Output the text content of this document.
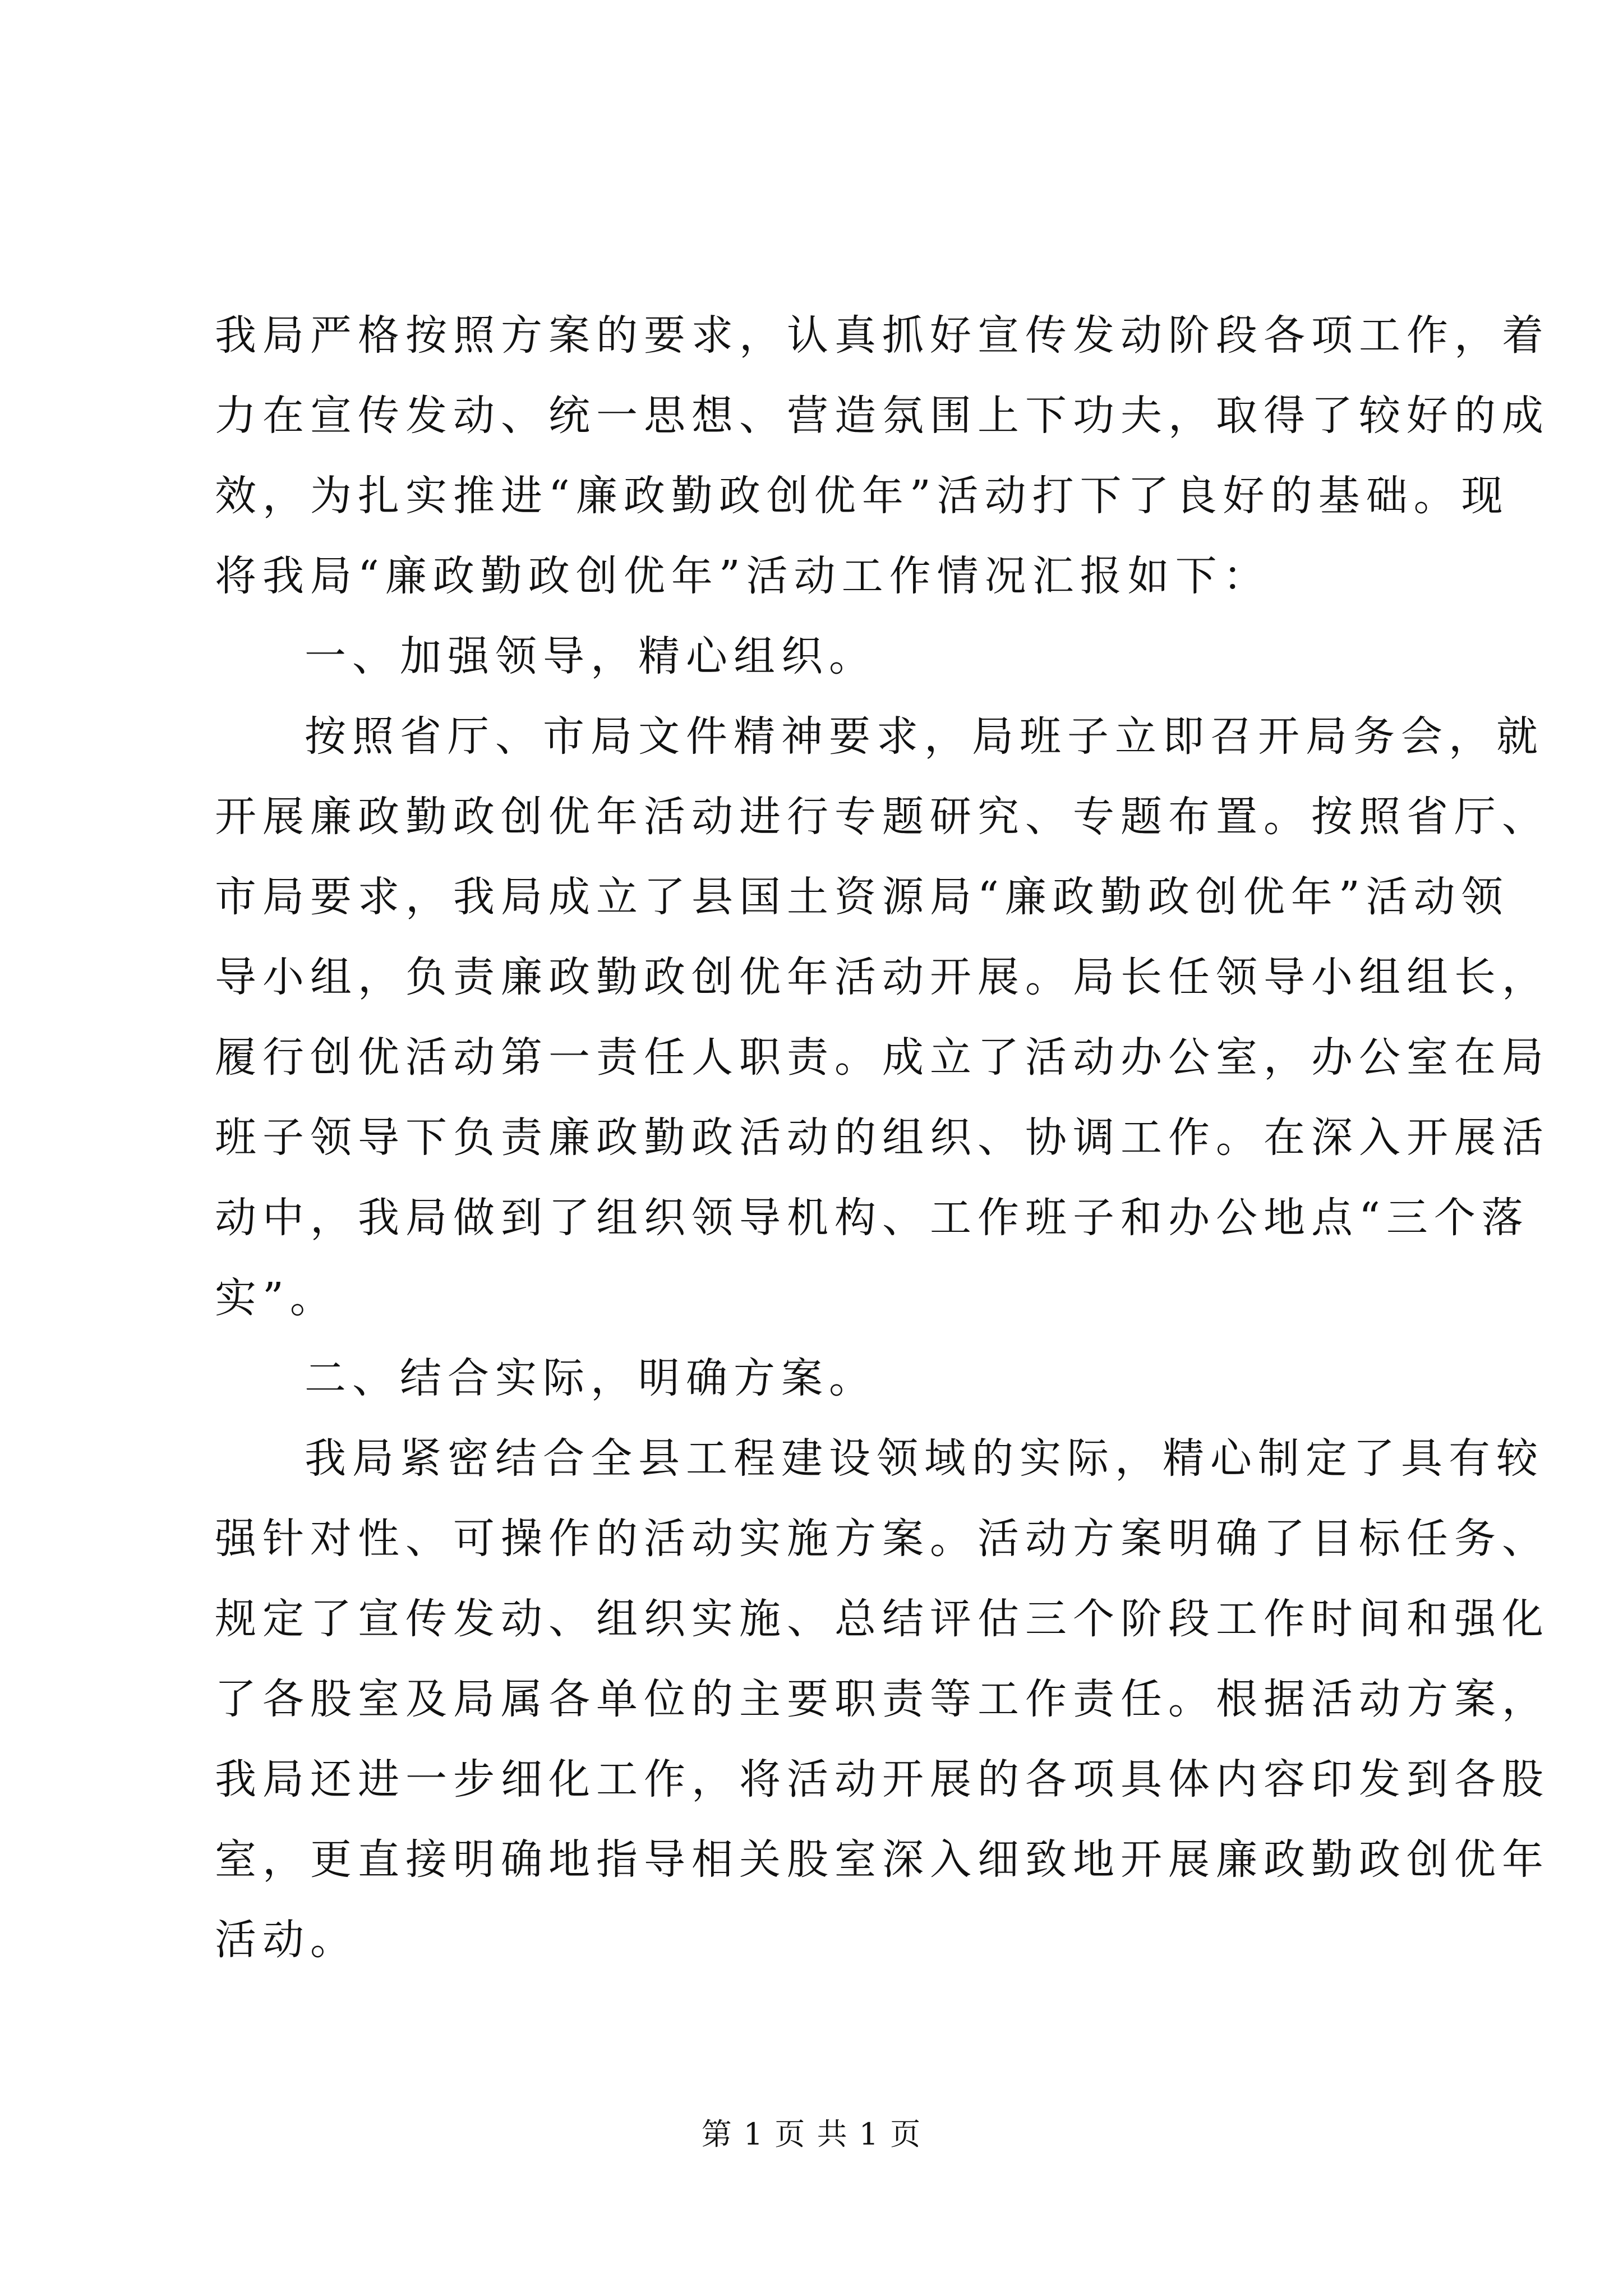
我局严格按照方案的要求，认真抓好宣传发动阶段各项工作，着
力在宣传发动、统一思想、营造氛围上下功夫，取得了较好的成
效，为扎实推进“廉政勤政创优年”活动打下了良好的基础。现
将我局“廉政勤政创优年”活动工作情况汇报如下：
一、加强领导，精心组织。
按照省厅、市局文件精神要求，局班子立即召开局务会，就
开展廉政勤政创优年活动进行专题研究、专题布置。按照省厅、
市局要求，我局成立了县国土资源局“廉政勤政创优年”活动领
导小组，负责廉政勤政创优年活动开展。局长任领导小组组长，
履行创优活动第一责任人职责。成立了活动办公室，办公室在局
班子领导下负责廉政勤政活动的组织、协调工作。在深入开展活
动中，我局做到了组织领导机构、工作班子和办公地点“三个落
实”。
二、结合实际，明确方案。
我局紧密结合全县工程建设领域的实际，精心制定了具有较
强针对性、可操作的活动实施方案。活动方案明确了目标任务、
规定了宣传发动、组织实施、总结评估三个阶段工作时间和强化
了各股室及局属各单位的主要职责等工作责任。根据活动方案，
我局还进一步细化工作，将活动开展的各项具体内容印发到各股
室，更直接明确地指导相关股室深入细致地开展廉政勤政创优年
活动。
第 1 页 共 1 页
